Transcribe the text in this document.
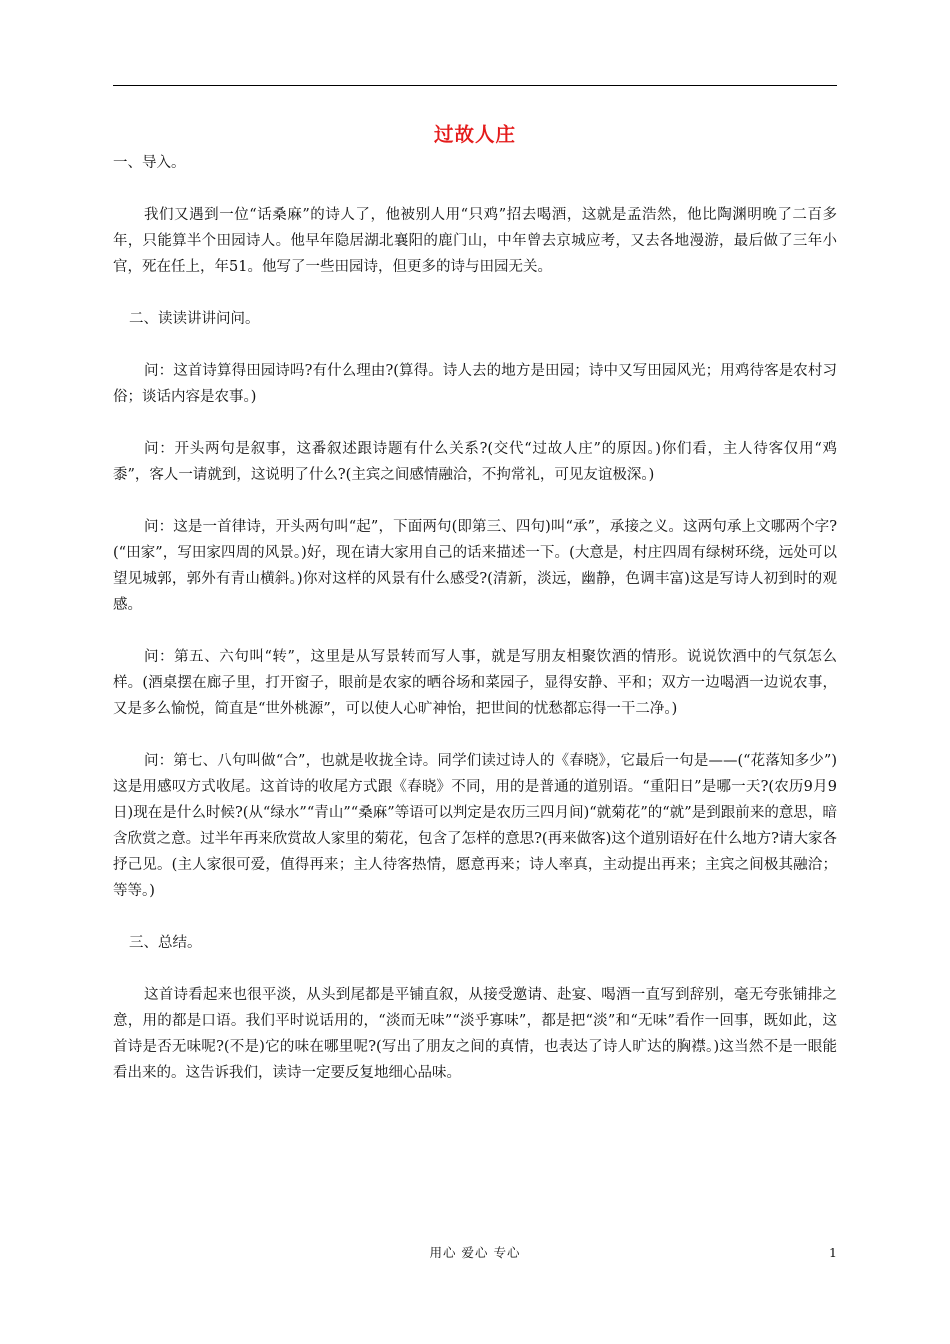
过故人庄

一、导入。

我们又遇到一位“话桑麻”的诗人了，他被别人用“只鸡”招去喝酒，这就是孟浩然，他比陶渊明晚了二百多年，只能算半个田园诗人。他早年隐居湖北襄阳的鹿门山，中年曾去京城应考，又去各地漫游，最后做了三年小官，死在任上，年51。他写了一些田园诗，但更多的诗与田园无关。

二、读读讲讲问问。

问：这首诗算得田园诗吗?有什么理由?(算得。诗人去的地方是田园；诗中又写田园风光；用鸡待客是农村习俗；谈话内容是农事。)

问：开头两句是叙事，这番叙述跟诗题有什么关系?(交代“过故人庄”的原因。)你们看，主人待客仅用“鸡黍”，客人一请就到，这说明了什么?(主宾之间感情融洽，不拘常礼，可见友谊极深。)

问：这是一首律诗，开头两句叫“起”，下面两句(即第三、四句)叫“承”，承接之义。这两句承上文哪两个字?(“田家”，写田家四周的风景。)好，现在请大家用自己的话来描述一下。(大意是，村庄四周有绿树环绕，远处可以望见城郭，郭外有青山横斜。)你对这样的风景有什么感受?(清新，淡远，幽静，色调丰富)这是写诗人初到时的观感。

问：第五、六句叫“转”，这里是从写景转而写人事，就是写朋友相聚饮酒的情形。说说饮酒中的气氛怎么样。(酒桌摆在廊子里，打开窗子，眼前是农家的晒谷场和菜园子，显得安静、平和；双方一边喝酒一边说农事，又是多么愉悦，简直是“世外桃源”，可以使人心旷神怡，把世间的忧愁都忘得一干二净。)

问：第七、八句叫做“合”，也就是收拢全诗。同学们读过诗人的《春晓》，它最后一句是——(“花落知多少”)这是用感叹方式收尾。这首诗的收尾方式跟《春晓》不同，用的是普通的道别语。“重阳日”是哪一天?(农历9月9日)现在是什么时候?(从“绿水”“青山”“桑麻”等语可以判定是农历三四月间)“就菊花”的“就”是到跟前来的意思，暗含欣赏之意。过半年再来欣赏故人家里的菊花，包含了怎样的意思?(再来做客)这个道别语好在什么地方?请大家各抒己见。(主人家很可爱，值得再来；主人待客热情，愿意再来；诗人率真，主动提出再来；主宾之间极其融洽；等等。)

三、总结。

这首诗看起来也很平淡，从头到尾都是平铺直叙，从接受邀请、赴宴、喝酒一直写到辞别，毫无夸张铺排之意，用的都是口语。我们平时说话用的，“淡而无味”“淡乎寡味”，都是把“淡”和“无味”看作一回事，既如此，这首诗是否无味呢?(不是)它的味在哪里呢?(写出了朋友之间的真情，也表达了诗人旷达的胸襟。)这当然不是一眼能看出来的。这告诉我们，读诗一定要反复地细心品味。

用心 爱心 专心	1
